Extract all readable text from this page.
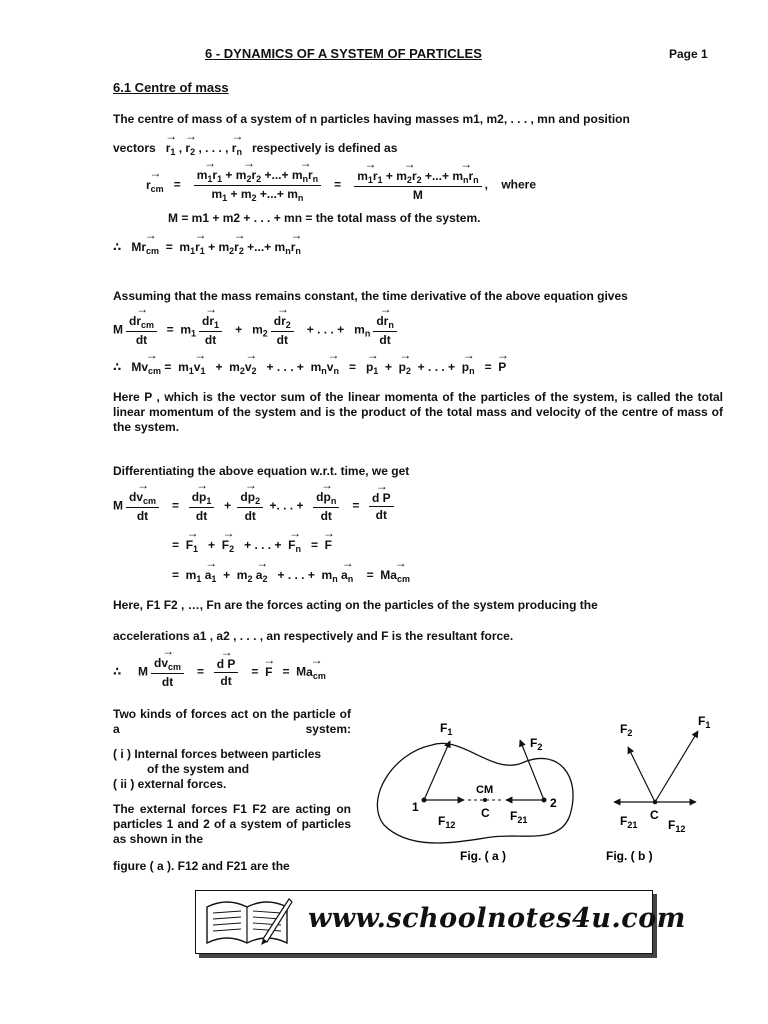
6 - DYNAMICS OF A SYSTEM OF PARTICLES	Page 1
6.1 Centre of mass
The centre of mass of a system of n particles having masses m1, m2, . . . , mn and position
vectors   → $r_1$ , → $r_2$ , . . . , → $r_n$ respectively is defined as
→ $r_{cm}$   =
→ $\frac{m_1r_1 + \to m_2r_2 +...+ \to m_nr_n}{m_1 + m_2 +...+ m_n}$ =
→ $\frac{m_1r_1 + \to m_2r_2 +...+ \to m_nr_n}{M}$ ,    where
M = m1 + m2 + . . . + mn = the total mass of the system.
∴   $M\to r_{cm} = m_1\to r_1 + m_2\to r_2$ +...+ $m_n\to r_n$
Assuming that the mass remains constant, the time derivative of the above equation gives
M
→ $\frac{dr_{cm}}{dt} = m_1$
→ $\frac{dr_1}{dt} + m_2$
→ $\frac{dr_2}{dt}$ + . . . +   $m_n$
→ $\frac{dr_n}{dt}$
∴   $M\to v_{cm} = m_1\to v_1 + m_2\to v_2$   + . . . +  $m_n\to v_n$   =   → $p_1$  +  → $p_2$  + . . . +  → $p_n$   =  → P
Here P , which is the vector sum of the linear momenta of the particles of the system, is called the total linear momentum of the system and is the product of the total mass and velocity of the centre of mass of the system.
Differentiating the above equation w.r.t. time, we get
M
→ $\frac{dv_{cm}}{dt}$ =
→ $\frac{dp_1}{dt}$ +
→ $\frac{dp_2}{dt}$ +. . . +
→ $\frac{dp_n}{dt}$ =
→ $\frac{\text{d P}}{dt}$
=  → $F_1$   +  → $F_2$   + . . . +  → $F_n$   =  → F
=  $m_1 \to a_1 + m_2 \to a_2$   + . . . +  $m_n \to a_n$    =  $M\to a_{cm}$
Here, F1 F2 , …, Fn are the forces acting on the particles of the system producing the
accelerations a1 , a2 , . . . , an respectively and F is the resultant force.
∴     M
→ $\frac{dv_{cm}}{dt}$ =
→ $\frac{\text{d P}}{dt}$ =  → $F = M\to a_{cm}$
Two kinds of forces act on the particle of a system:
( i ) Internal forces between particles
of the system and
( ii ) external forces.
The external forces F1 F2 are acting on particles 1 and 2 of a system of particles as shown in the
figure ( a ). F12 and F21 are the
$F_1$
$F_2$
1	2
CM
C
$F_{12}$
$F_{21}$
Fig. ( a )
$F_2$
$F_1$
$F_{21}$
C
$F_{12}$
Fig. ( b )
www.schoolnotes4u.com
